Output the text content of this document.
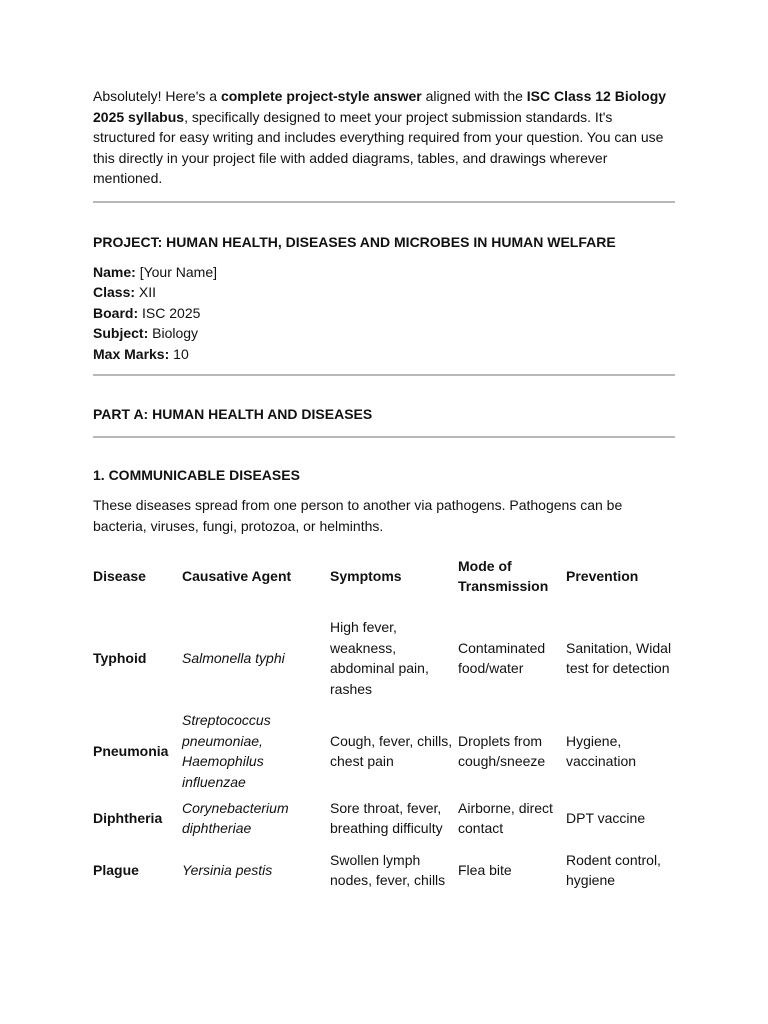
Absolutely! Here's a complete project-style answer aligned with the ISC Class 12 Biology 2025 syllabus, specifically designed to meet your project submission standards. It's structured for easy writing and includes everything required from your question. You can use this directly in your project file with added diagrams, tables, and drawings wherever mentioned.

PROJECT: HUMAN HEALTH, DISEASES AND MICROBES IN HUMAN WELFARE

Name: [Your Name]

Class: XII

Board: ISC 2025

Subject: Biology

Max Marks: 10

PART A: HUMAN HEALTH AND DISEASES

1. COMMUNICABLE DISEASES

These diseases spread from one person to another via pathogens. Pathogens can be bacteria, viruses, fungi, protozoa, or helminths.

Disease	Causative Agent	Symptoms	Mode of Transmission	Prevention
Typhoid	Salmonella typhi	High fever, weakness, abdominal pain, rashes	Contaminated food/water	Sanitation, Widal test for detection
Pneumonia	Streptococcus pneumoniae, Haemophilus influenzae	Cough, fever, chills, chest pain	Droplets from cough/sneeze	Hygiene, vaccination
Diphtheria	Corynebacterium diphtheriae	Sore throat, fever, breathing difficulty	Airborne, direct contact	DPT vaccine
Plague	Yersinia pestis	Swollen lymph nodes, fever, chills	Flea bite	Rodent control, hygiene
